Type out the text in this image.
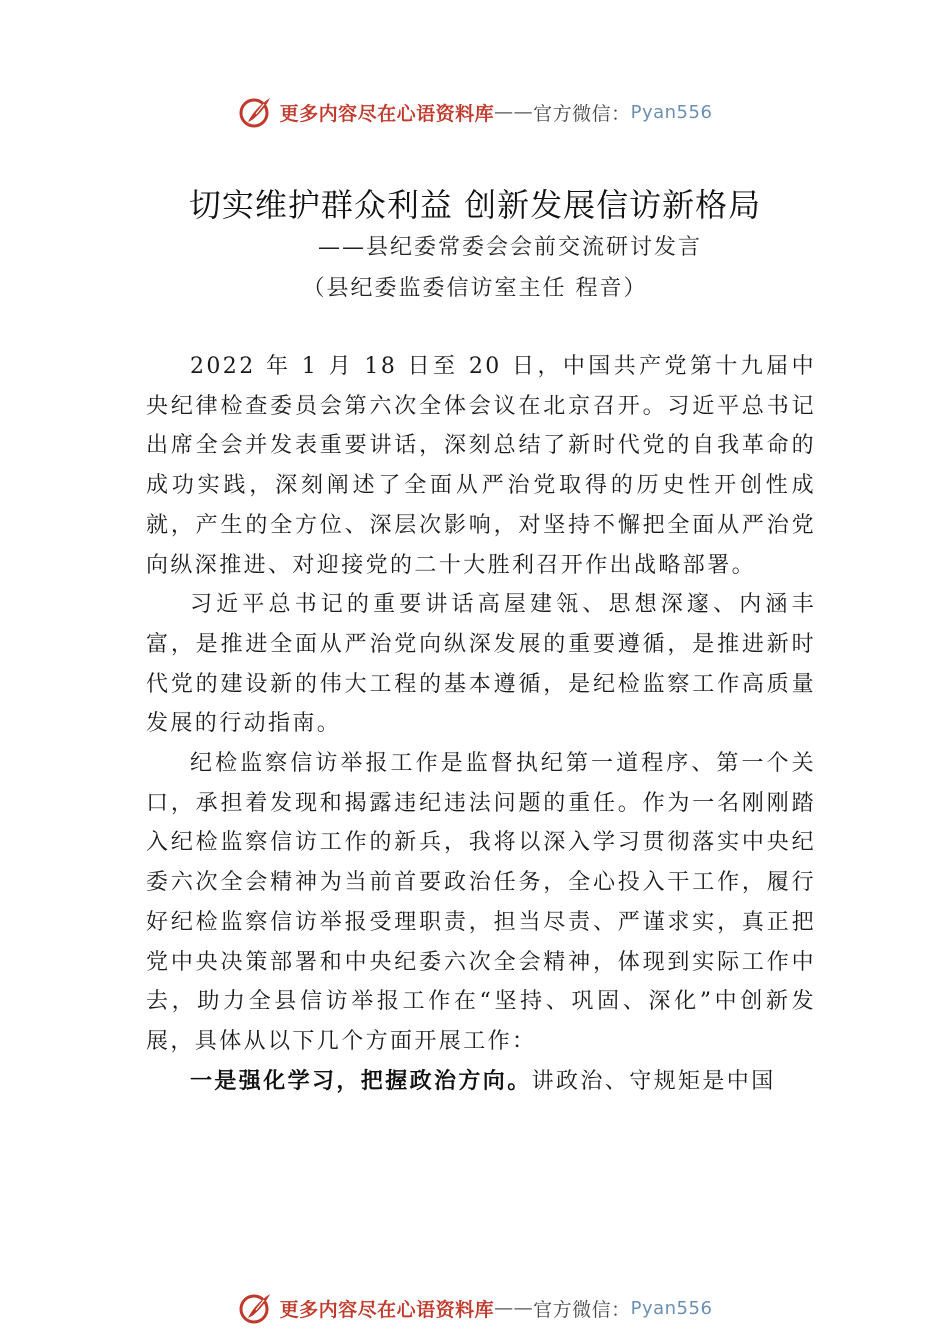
更多内容尽在心语资料库 —— 官方微信： Pyan556
切实维护群众利益 创新发展信访新格局
——县纪委常委会会前交流研讨发言
（县纪委监委信访室主任 程音）

2022 年 1 月 18 日至 20 日，中国共产党第十九届中央纪律检查委员会第六次全体会议在北京召开。习近平总书记出席全会并发表重要讲话，深刻总结了新时代党的自我革命的成功实践，深刻阐述了全面从严治党取得的历史性开创性成就，产生的全方位、深层次影响，对坚持不懈把全面从严治党向纵深推进、对迎接党的二十大胜利召开作出战略部署。

习近平总书记的重要讲话高屋建瓴、思想深邃、内涵丰富，是推进全面从严治党向纵深发展的重要遵循，是推进新时代党的建设新的伟大工程的基本遵循，是纪检监察工作高质量发展的行动指南。

纪检监察信访举报工作是监督执纪第一道程序、第一个关口，承担着发现和揭露违纪违法问题的重任。作为一名刚刚踏入纪检监察信访工作的新兵，我将以深入学习贯彻落实中央纪委六次全会精神为当前首要政治任务，全心投入干工作，履行好纪检监察信访举报受理职责，担当尽责、严谨求实，真正把党中央决策部署和中央纪委六次全会精神，体现到实际工作中去，助力全县信访举报工作在“坚持、巩固、深化”中创新发展，具体从以下几个方面开展工作：

一是强化学习，把握政治方向。讲政治、守规矩是中国

更多内容尽在心语资料库 —— 官方微信： Pyan556
